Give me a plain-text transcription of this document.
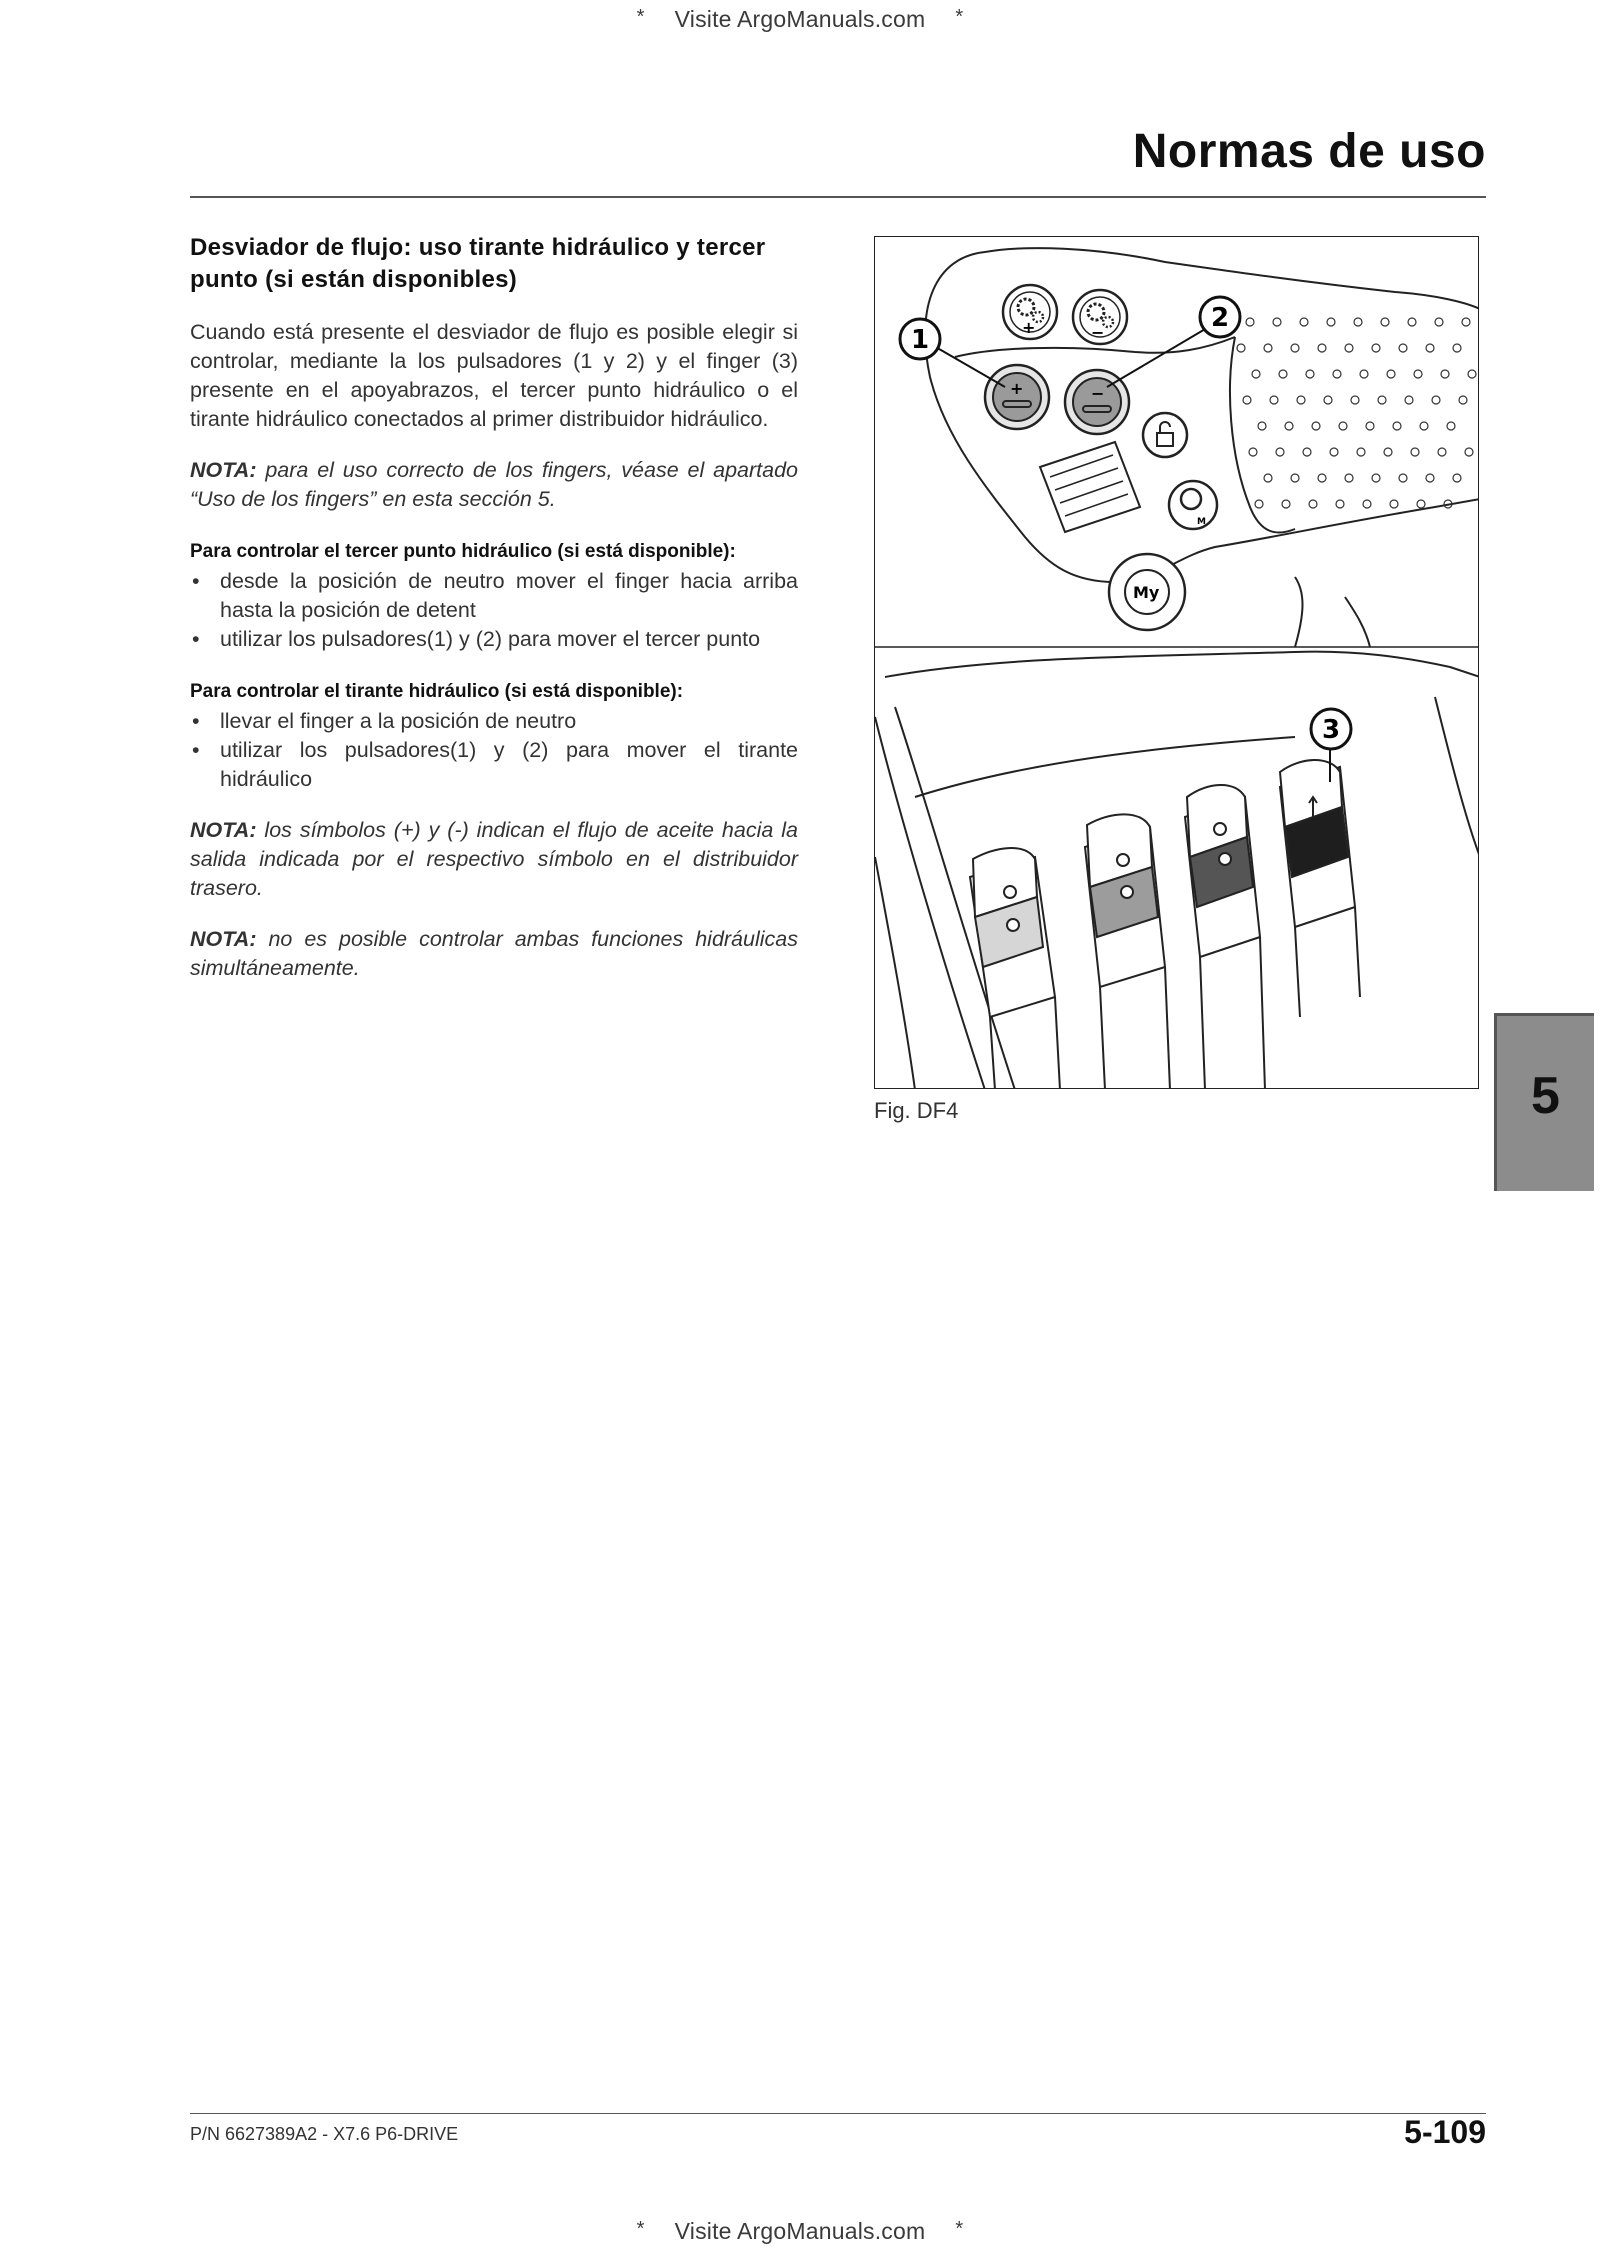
* Visite ArgoManuals.com *
Normas de uso

Desviador de flujo: uso tirante hidráulico y tercer punto (si están disponibles)

Cuando está presente el desviador de flujo es posible elegir si controlar, mediante la los pulsadores (1 y 2) y el finger (3) presente en el apoyabrazos, el tercer punto hidráulico o el tirante hidráulico conectados al primer distribuidor hidráulico.

NOTA: para el uso correcto de los fingers, véase el apartado “Uso de los fingers” en esta sección 5.

Para controlar el tercer punto hidráulico (si está disponible):

• desde la posición de neutro mover el finger hacia arriba hasta la posición de detent
• utilizar los pulsadores(1) y (2) para mover el tercer punto

Para controlar el tirante hidráulico (si está disponible):

• llevar el finger a la posición de neutro
• utilizar los pulsadores(1) y (2) para mover el tirante hidráulico

NOTA: los símbolos (+) y (-) indican el flujo de aceite hacia la salida indicada por el respectivo símbolo en el distribuidor trasero.

NOTA: no es posible controlar ambas funciones hidráulicas simultáneamente.

+	−
+	−
M
My
1
2
3
Fig. DF4	5
P/N 6627389A2 - X7.6 P6-DRIVE	5-109
* Visite ArgoManuals.com *
